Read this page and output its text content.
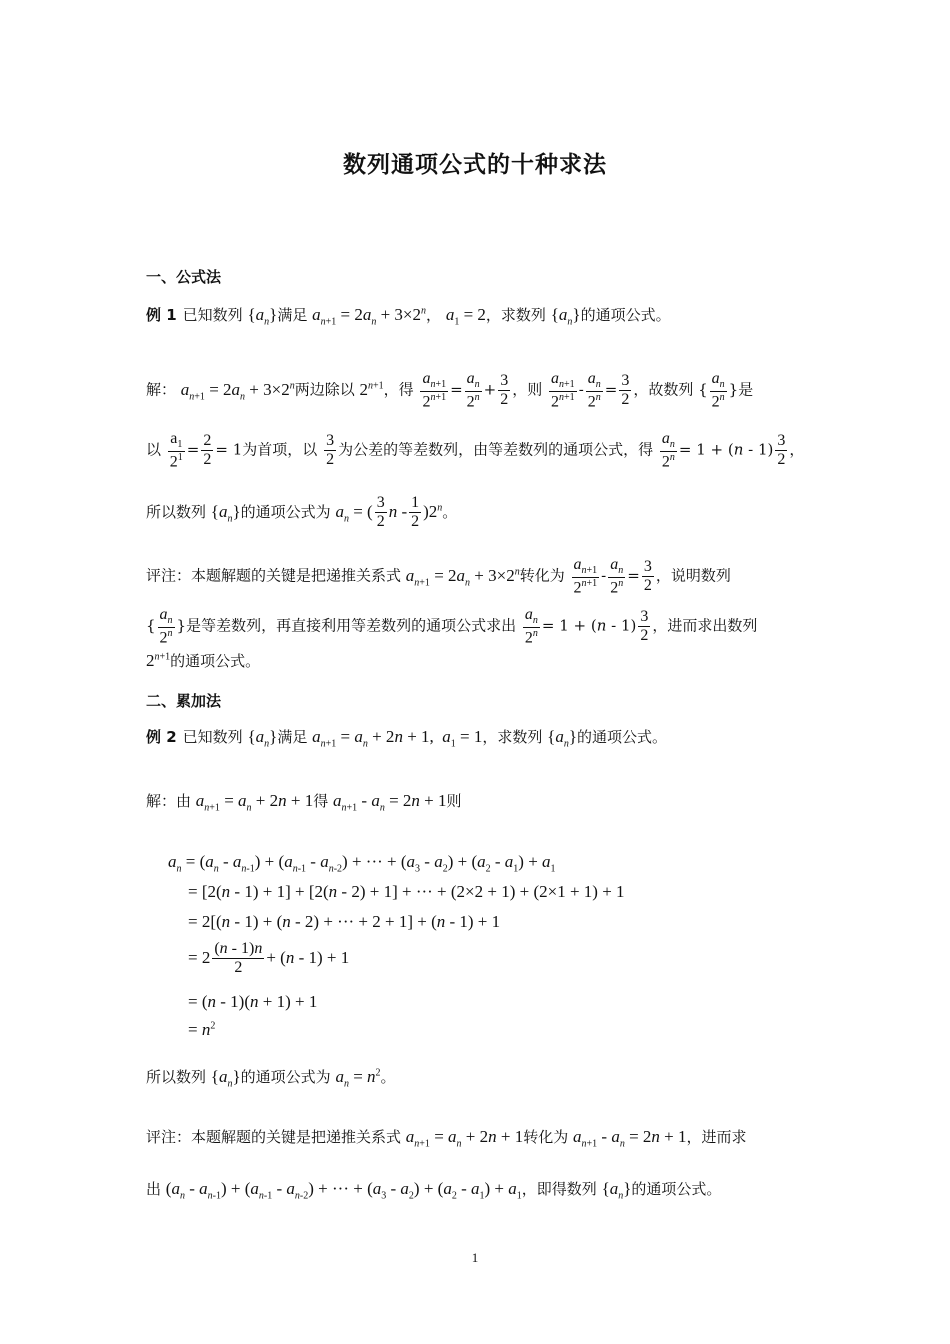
数列通项公式的十种求法
一、公式法
例 1 已知数列 $\{a_n\}$满足 $a_{n+1} = 2a_n + 3\times 2^n$， $a_1 = 2$，求数列 $\{a_n\}$的通项公式。
解： $a_{n+1} = 2a_n + 3\times 2^n$两边除以 $2^{n+1}$，得 $\frac{a_{n+1}}{2^{n+1}} = \frac{a_n}{2^n} + \frac{3}{2}$ ，则 $\frac{a_{n+1}}{2^{n+1}} - \frac{a_n}{2^n} = \frac{3}{2}$ ，故数列 { $\frac{a_n}{2^n}$ }是
以 $\frac{a_1}{2^1} = \frac{2}{2} = 1$为首项，以 $\frac{3}{2}$ 为公差的等差数列，由等差数列的通项公式，得 $\frac{a_n}{2^n} = 1 + (n - 1) \frac{3}{2}$ ，
所以数列 $\{a_n\}$的通项公式为 $a_n$ = ( $\frac{3}{2}$ n - $\frac{1}{2} )2^n$。
评注：本题解题的关键是把递推关系式 $a_{n+1} = 2a_n + 3\times 2^n$转化为 $\frac{a_{n+1}}{2^{n+1}} - \frac{a_n}{2^n} = \frac{3}{2}$ ，说明数列
{ $\frac{a_n}{2^n}$ }是等差数列，再直接利用等差数列的通项公式求出 $\frac{a_n}{2^n} = 1 + (n - 1) \frac{3}{2}$ ，进而求出数列
$2^{n+1}$的通项公式。
二、累加法
例 2 已知数列 $\{a_n\}$满足 $a_{n+1} = a_n + 2n + 1$,  $a_1 = 1$，求数列 $\{a_n\}$的通项公式。
解：由 $a_{n+1} = a_n + 2n + 1$得 $a_{n+1} - a_n = 2n + 1$则
$a_n = (a_n - a_{n-1}) + (a_{n-1} - a_{n-2})$ + ··· + $(a_3 - a_2) + (a_2 - a_1) + a_1$
= [2(n - 1) + 1] + [2(n - 2) + 1] + ··· + (2×2 + 1) + (2×1 + 1) + 1
= 2[(n - 1) + (n - 2) + ··· + 2 + 1] + (n - 1) + 1
= $2 \frac{(n - 1)n}{2} + (n - 1) + 1$
= (n - 1)(n + 1) + 1
= $n^2$
所以数列 $\{a_n\}$的通项公式为 $a_n = n^2$。
评注：本题解题的关键是把递推关系式 $a_{n+1} = a_n + 2n + 1$转化为 $a_{n+1} - a_n = 2n + 1$，进而求
出 $(a_n - a_{n-1}) + (a_{n-1} - a_{n-2})$ + ··· + $(a_3 - a_2) + (a_2 - a_1) + a_1$，即得数列 $\{a_n\}$的通项公式。
1
